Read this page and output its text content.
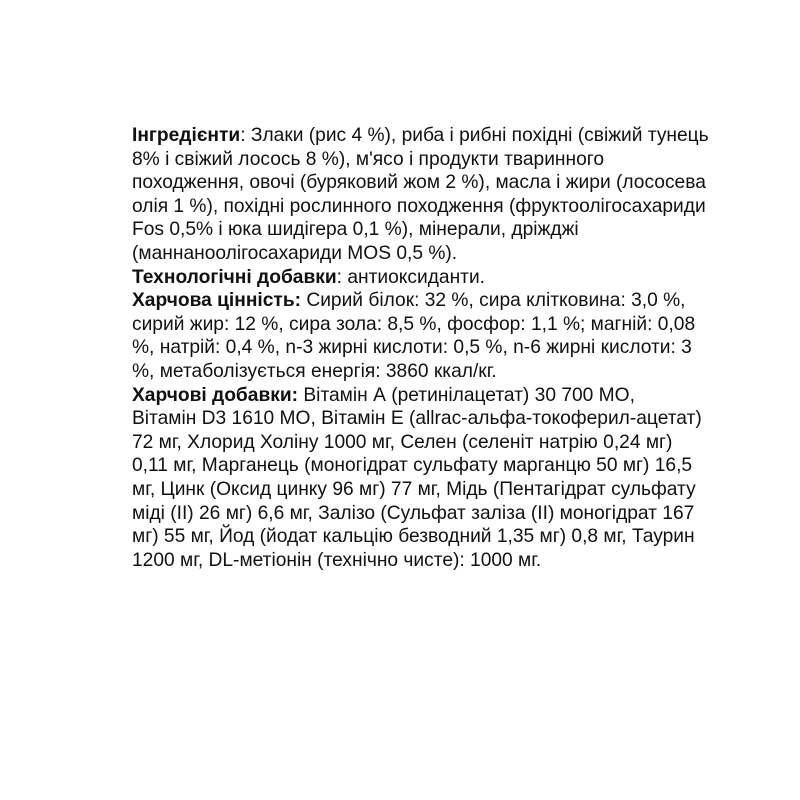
Інгредієнти: Злаки (рис 4 %), риба і рибні похідні (свіжий тунець
8% і свіжий лосось 8 %), м'ясо і продукти тваринного
походження, овочі (буряковий жом 2 %), масла і жири (лососева
олія 1 %), похідні рослинного походження (фруктоолігосахариди
Fos 0,5% і юка шидігера 0,1 %), мінерали, дріжджі
(маннаноолігосахариди MOS 0,5 %).
Технологічні добавки: антиоксиданти.
Харчова цінність: Сирий білок: 32 %, сира клітковина: 3,0 %,
сирий жир: 12 %, сира зола: 8,5 %, фосфор: 1,1 %; магній: 0,08
%, натрій: 0,4 %, n-3 жирні кислоти: 0,5 %, n-6 жирні кислоти: 3
%, метаболізується енергія: 3860 ккал/кг.
Харчові добавки: Вітамін А (ретинілацетат) 30 700 МО,
Вітамін D3 1610 МО, Вітамін Е (allrac-альфа-токоферил-ацетат)
72 мг, Хлорид Холіну 1000 мг, Селен (селеніт натрію 0,24 мг)
0,11 мг, Марганець (моногідрат сульфату марганцю 50 мг) 16,5
мг, Цинк (Оксид цинку 96 мг) 77 мг, Мідь (Пентагідрат сульфату
міді (II) 26 мг) 6,6 мг, Залізо (Сульфат заліза (II) моногідрат 167
мг) 55 мг, Йод (йодат кальцію безводний 1,35 мг) 0,8 мг, Таурин
1200 мг, DL-метіонін (технічно чисте): 1000 мг.
